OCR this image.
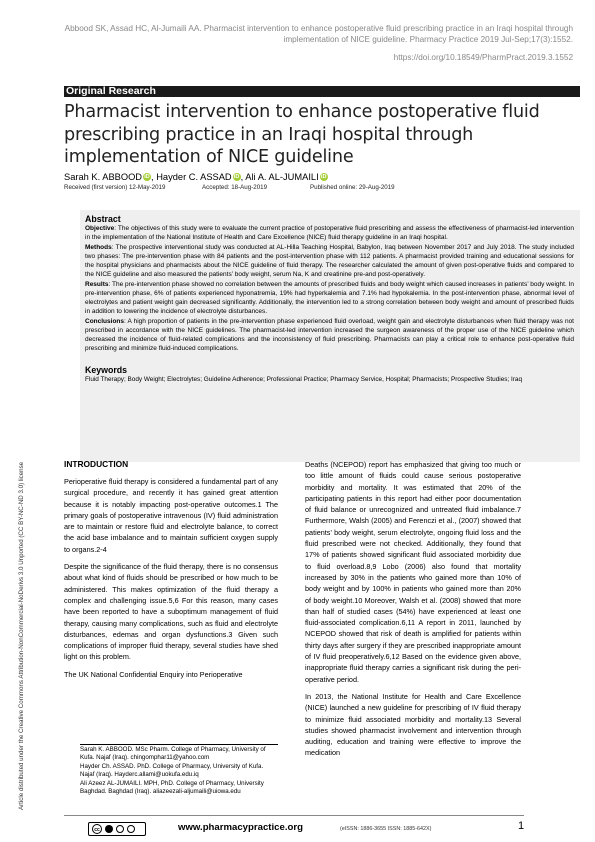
Abbood SK, Assad HC, Al-Jumaili AA. Pharmacist intervention to enhance postoperative fluid prescribing practice in an Iraqi hospital through implementation of NICE guideline. Pharmacy Practice 2019 Jul-Sep;17(3):1552.
https://doi.org/10.18549/PharmPract.2019.3.1552
Original Research
Pharmacist intervention to enhance postoperative fluid prescribing practice in an Iraqi hospital through implementation of NICE guideline
Sarah K. ABBOOD iD, Hayder C. ASSAD iD, Ali A. AL-JUMAILI iD
Received (first version) 12-May-2019	Accepted: 18-Aug-2019	Published online: 29-Aug-2019
Abstract

Objective: The objectives of this study were to evaluate the current practice of postoperative fluid prescribing and assess the effectiveness of pharmacist-led intervention in the implementation of the National Institute of Health and Care Excellence (NICE) fluid therapy guideline in an Iraqi hospital.

Methods: The prospective interventional study was conducted at AL-Hilla Teaching Hospital, Babylon, Iraq between November 2017 and July 2018. The study included two phases: The pre-intervention phase with 84 patients and the post-intervention phase with 112 patients. A pharmacist provided training and educational sessions for the hospital physicians and pharmacists about the NICE guideline of fluid therapy. The researcher calculated the amount of given post-operative fluids and compared to the NICE guideline and also measured the patients’ body weight, serum Na, K and creatinine pre-and post-operatively.

Results: The pre-intervention phase showed no correlation between the amounts of prescribed fluids and body weight which caused increases in patients’ body weight. In pre-intervention phase, 6% of patients experienced hyponatremia, 19% had hyperkalemia and 7.1% had hypokalemia. In the post-intervention phase, abnormal level of electrolytes and patient weight gain decreased significantly. Additionally, the intervention led to a strong correlation between body weight and amount of prescribed fluids in addition to lowering the incidence of electrolyte disturbances.

Conclusions: A high proportion of patients in the pre-intervention phase experienced fluid overload, weight gain and electrolyte disturbances when fluid therapy was not prescribed in accordance with the NICE guidelines. The pharmacist-led intervention increased the surgeon awareness of the proper use of the NICE guideline which decreased the incidence of fluid-related complications and the inconsistency of fluid prescribing. Pharmacists can play a critical role to enhance post-operative fluid prescribing and minimize fluid-induced complications.

Keywords

Fluid Therapy; Body Weight; Electrolytes; Guideline Adherence; Professional Practice; Pharmacy Service, Hospital; Pharmacists; Prospective Studies; Iraq

Article distributed under the Creative Commons Attribution-NonCommercial-NoDerivs 3.0 Unported (CC BY-NC-ND 3.0) license	INTRODUCTION

Perioperative fluid therapy is considered a fundamental part of any surgical procedure, and recently it has gained great attention because it is notably impacting post-operative outcomes.1 The primary goals of postoperative intravenous (IV) fluid administration are to maintain or restore fluid and electrolyte balance, to correct the acid base imbalance and to maintain sufficient oxygen supply to organs.2-4

Despite the significance of the fluid therapy, there is no consensus about what kind of fluids should be prescribed or how much to be administered. This makes optimization of the fluid therapy a complex and challenging issue.5,6 For this reason, many cases have been reported to have a suboptimum management of fluid therapy, causing many complications, such as fluid and electrolyte disturbances, edemas and organ dysfunctions.3 Given such complications of improper fluid therapy, several studies have shed light on this problem.

The UK National Confidential Enquiry into Perioperative

Deaths (NCEPOD) report has emphasized that giving too much or too little amount of fluids could cause serious postoperative morbidity and mortality. It was estimated that 20% of the participating patients in this report had either poor documentation of fluid balance or unrecognized and untreated fluid imbalance.7 Furthermore, Walsh (2005) and Ferenczi et al., (2007) showed that patients’ body weight, serum electrolyte, ongoing fluid loss and the fluid prescribed were not checked. Additionally, they found that 17% of patients showed significant fluid associated morbidity due to fluid overload.8,9 Lobo (2006) also found that mortality increased by 30% in the patients who gained more than 10% of body weight and by 100% in patients who gained more than 20% of body weight.10 Moreover, Walsh et al. (2008) showed that more than half of studied cases (54%) have experienced at least one fluid-associated complication.6,11 A report in 2011, launched by NCEPOD showed that risk of death is amplified for patients within thirty days after surgery if they are prescribed inappropriate amount of IV fluid preoperatively.6,12 Based on the evidence given above, inappropriate fluid therapy carries a significant risk during the peri-operative period.

In 2013, the National Institute for Health and Care Excellence (NICE) launched a new guideline for prescribing of IV fluid therapy to minimize fluid associated morbidity and mortality.13 Several studies showed pharmacist involvement and intervention through auditing, education and training were effective to improve the medication

Sarah K. ABBOOD. MSc Pharm. College of Pharmacy, University of Kufa. Najaf (Iraq). chingomphar11@yahoo.com

Hayder Ch. ASSAD. PhD. College of Pharmacy, University of Kufa. Najaf (Iraq). Hayderc.allami@uokufa.edu.iq

Ali Azeez AL-JUMAILI. MPH, PhD. College of Pharmacy, University Baghdad. Baghdad (Iraq). aliazeezali-aljumaili@uiowa.edu

cc	www.pharmacypractice.org	(eISSN: 1886-3655 ISSN: 1885-642X)	1
